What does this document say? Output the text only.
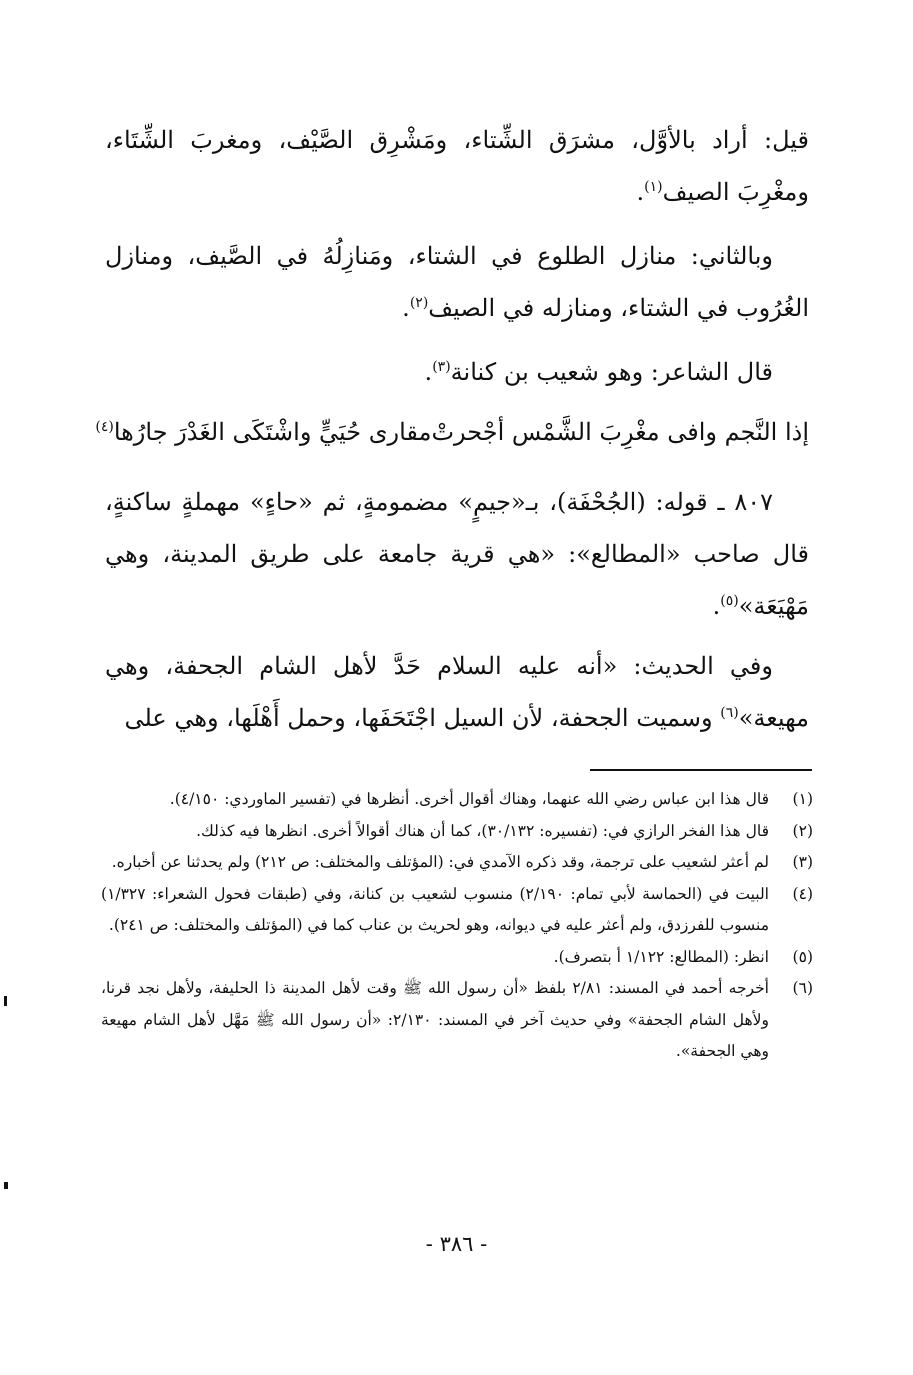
قيل: أراد بالأوَّل، مشرَق الشِّتاء، ومَشْرِق الصَّيْف، ومغربَ الشِّتَاء، ومغْرِبَ الصيف$^{(١)}$.
وبالثاني: منازل الطلوع في الشتاء، ومَنازِلُهُ في الصَّيف، ومنازل الغُرُوب في الشتاء، ومنازله في الصيف$^{(٢)}$.
قال الشاعر: وهو شعيب بن كنانة$^{(٣)}$.
إذا النَّجم وافى مغْرِبَ الشَّمْس أجْحرتْ
مقارى حُيَيٍّ واشْتَكَى الغَدْرَ جارُها$^{(٤)}$
٨٠٧ ـ قوله: (الجُحْفَة)، بـ«جيمٍ» مضمومةٍ، ثم «حاءٍ» مهملةٍ ساكنةٍ، قال صاحب «المطالع»: «هي قرية جامعة على طريق المدينة، وهي مَهْيَعَة»$^{(٥)}$.
وفي الحديث: «أنه عليه السلام حَدَّ لأهل الشام الجحفة، وهي مهيعة»$^{(٦)}$ وسميت الجحفة، لأن السيل اجْتَحَفَها، وحمل أَهْلَها، وهي على
(١)
قال هذا ابن عباس رضي الله عنهما، وهناك أقوال أخرى. أنظرها في (تفسير الماوردي: ٤/١٥٠).
(٢)
قال هذا الفخر الرازي في: (تفسيره: ٣٠/١٣٢)، كما أن هناك أقوالاً أخرى. انظرها فيه كذلك.
(٣)
لم أعثر لشعيب على ترجمة، وقد ذكره الآمدي في: (المؤتلف والمختلف: ص ٢١٢) ولم يحدثنا عن أخباره.
(٤)
البيت في (الحماسة لأبي تمام: ٢/١٩٠) منسوب لشعيب بن كنانة، وفي (طبقات فحول الشعراء: ١/٣٢٧) منسوب للفرزدق، ولم أعثر عليه في ديوانه، وهو لحريث بن عناب كما في (المؤتلف والمختلف: ص ٢٤١).
(٥)
انظر: (المطالع: ١/١٢٢ أ بتصرف).
(٦)
أخرجه أحمد في المسند: ٢/٨١ بلفظ «أن رسول الله ﷺ وقت لأهل المدينة ذا الحليفة، ولأهل نجد قرنا، ولأهل الشام الجحفة» وفي حديث آخر في المسند: ٢/١٣٠: «أن رسول الله ﷺ مَهَّل لأهل الشام مهيعة وهي الجحفة».
- ٣٨٦ -
